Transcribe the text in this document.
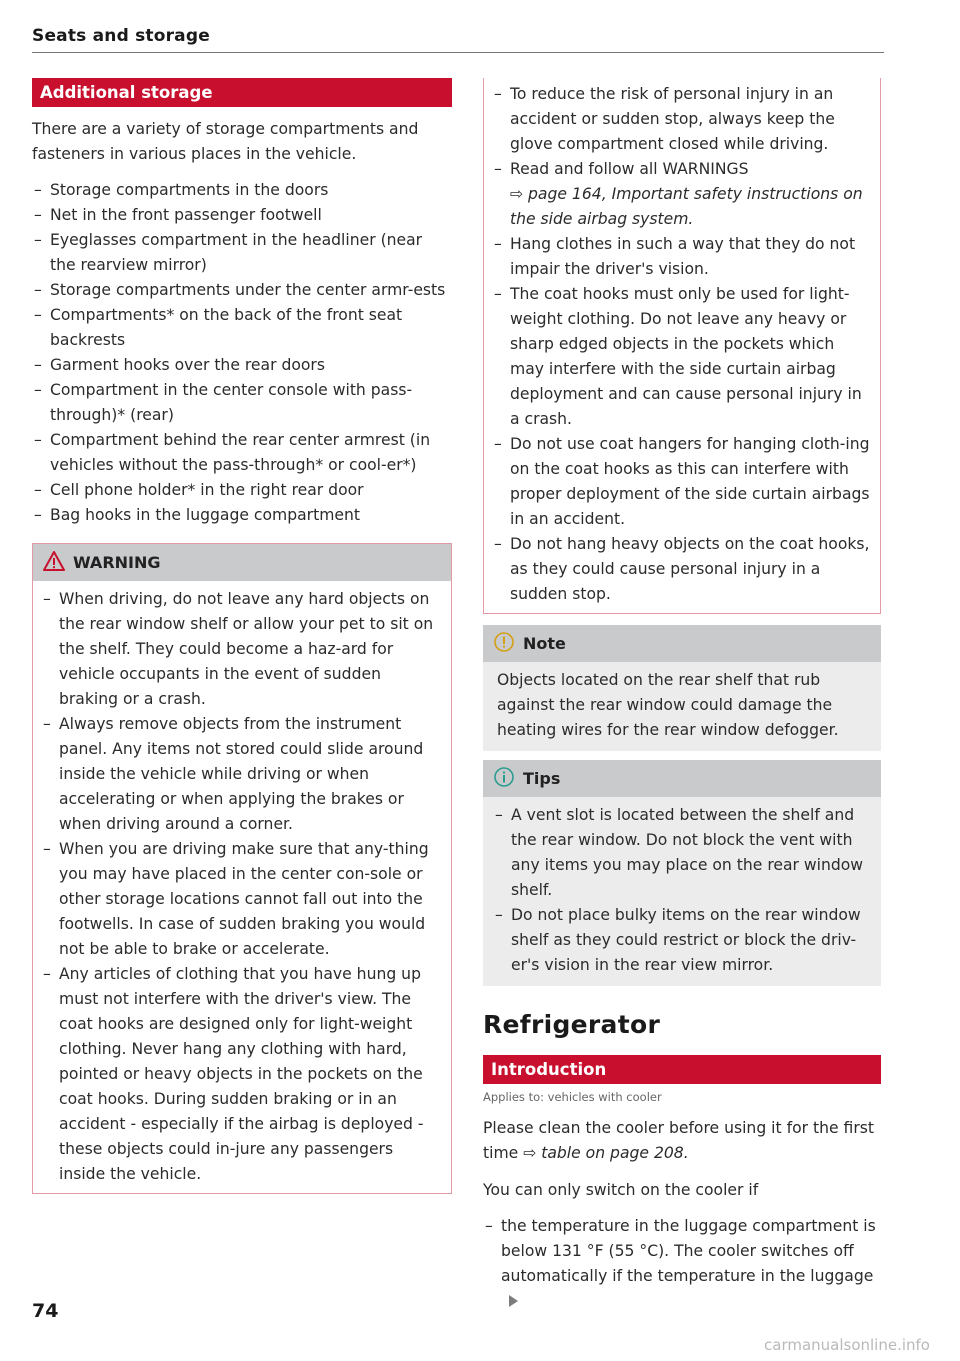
Seats and storage
Additional storage

There are a variety of storage compartments and fasteners in various places in the vehicle.

– Storage compartments in the doors
– Net in the front passenger footwell
– Eyeglasses compartment in the headliner (near the rearview mirror)
– Storage compartments under the center armr-ests
– Compartments* on the back of the front seat backrests
– Garment hooks over the rear doors
– Compartment in the center console with pass-through)* (rear)
– Compartment behind the rear center armrest (in vehicles without the pass-through* or cool-er*)
– Cell phone holder* in the right rear door
– Bag hooks in the luggage compartment
WARNING
– When driving, do not leave any hard objects on the rear window shelf or allow your pet to sit on the shelf. They could become a haz-ard for vehicle occupants in the event of sudden braking or a crash.
– Always remove objects from the instrument panel. Any items not stored could slide around inside the vehicle while driving or when accelerating or when applying the brakes or when driving around a corner.
– When you are driving make sure that any-thing you may have placed in the center con-sole or other storage locations cannot fall out into the footwells. In case of sudden braking you would not be able to brake or accelerate.
– Any articles of clothing that you have hung up must not interfere with the driver's view. The coat hooks are designed only for light-weight clothing. Never hang any clothing with hard, pointed or heavy objects in the pockets on the coat hooks. During sudden braking or in an accident - especially if the airbag is deployed - these objects could in-jure any passengers inside the vehicle.
– To reduce the risk of personal injury in an accident or sudden stop, always keep the glove compartment closed while driving.
– Read and follow all WARNINGS
⇨ page 164, Important safety instructions on the side airbag system.
– Hang clothes in such a way that they do not impair the driver's vision.
– The coat hooks must only be used for light-weight clothing. Do not leave any heavy or sharp edged objects in the pockets which may interfere with the side curtain airbag deployment and can cause personal injury in a crash.
– Do not use coat hangers for hanging cloth-ing on the coat hooks as this can interfere with proper deployment of the side curtain airbags in an accident.
– Do not hang heavy objects on the coat hooks, as they could cause personal injury in a sudden stop.
Note

Objects located on the rear shelf that rub against the rear window could damage the heating wires for the rear window defogger.

Tips
– A vent slot is located between the shelf and the rear window. Do not block the vent with any items you may place on the rear window shelf.
– Do not place bulky items on the rear window shelf as they could restrict or block the driv-er's vision in the rear view mirror.
Refrigerator
Introduction
Applies to: vehicles with cooler

Please clean the cooler before using it for the first time ⇨ table on page 208.

You can only switch on the cooler if

– the temperature in the luggage compartment is below 131 °F (55 °C). The cooler switches off automatically if the temperature in the luggage
74
carmanualsonline.info
